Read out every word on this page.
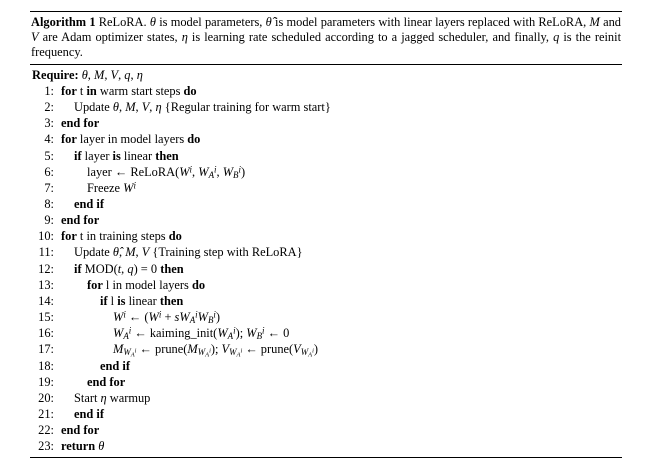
Algorithm 1 ReLoRA. θ is model parameters, θ̂ is model parameters with linear layers replaced with ReLoRA, M and V are Adam optimizer states, η is learning rate scheduled according to a jagged scheduler, and finally, q is the reinit frequency.
Require: θ, M, V, q, η
1: for t in warm start steps do
2:	Update θ, M, V, η {Regular training for warm start}
3: end for
4: for layer in model layers do
5:	if layer is linear then
6:	layer ← $ReLoRA(W^i$, $W_A^i$, $W_B^i$)
7:	Freeze $W^i$
8:	end if
9: end for
10: for t in training steps do
11:	Update θ̂, M, V {Training step with ReLoRA}
12:	if MOD(t, q) = 0 then
13:	for l in model layers do
14:	if l is linear then
15:	$W^i$ ← $(W^i + sW_A^iW_B^i)$
16:	$W_A^i$ ← $kaiming\_init(W_A^i)$; $W_B^i$ ← 0
17:	$M_{W_A^i}$ ← $prune(M_{W_A^i})$; $V_{W_A^i}$ ← $prune(V_{W_A^i})$
18:	end if
19:	end for
20:	Start η warmup
21:	end if
22: end for
23: return θ
